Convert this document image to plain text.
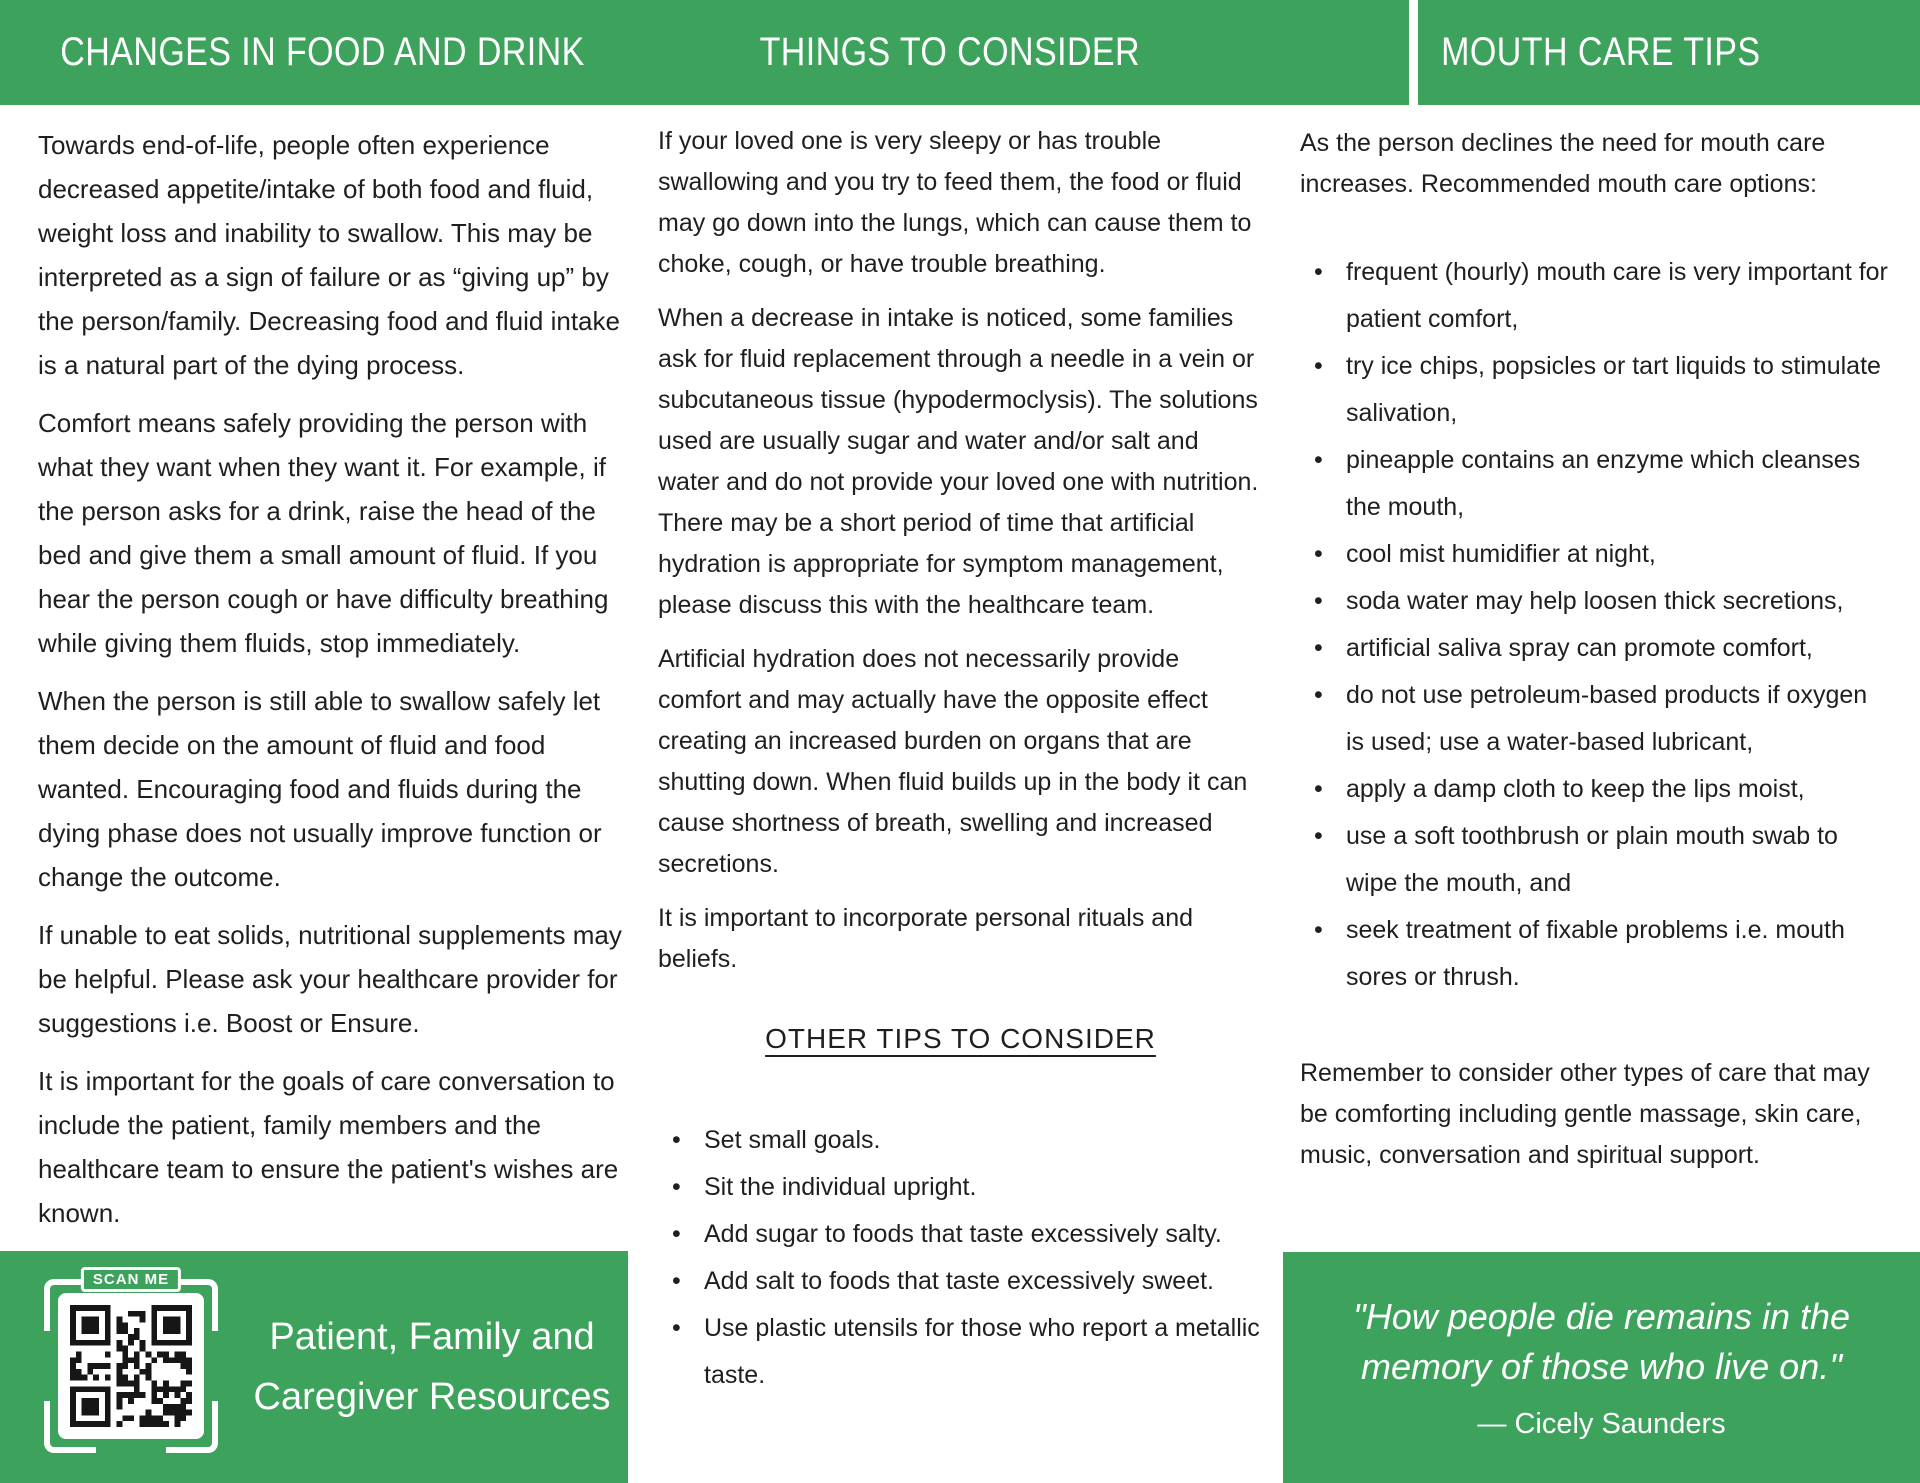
CHANGES IN FOOD AND DRINK	THINGS TO CONSIDER	MOUTH CARE TIPS

Towards end-of-life, people often experience decreased appetite/intake of both food and fluid, weight loss and inability to swallow. This may be interpreted as a sign of failure or as “giving up” by the person/family. Decreasing food and fluid intake is a natural part of the dying process.

Comfort means safely providing the person with what they want when they want it. For example, if the person asks for a drink, raise the head of the bed and give them a small amount of fluid. If you hear the person cough or have difficulty breathing while giving them fluids, stop immediately.

When the person is still able to swallow safely let them decide on the amount of fluid and food wanted. Encouraging food and fluids during the dying phase does not usually improve function or change the outcome.

If unable to eat solids, nutritional supplements may be helpful. Please ask your healthcare provider for suggestions i.e. Boost or Ensure.

It is important for the goals of care conversation to include the patient, family members and the healthcare team to ensure the patient's wishes are known.

If your loved one is very sleepy or has trouble swallowing and you try to feed them, the food or fluid may go down into the lungs, which can cause them to choke, cough, or have trouble breathing.

When a decrease in intake is noticed, some families ask for fluid replacement through a needle in a vein or subcutaneous tissue (hypodermoclysis). The solutions used are usually sugar and water and/or salt and water and do not provide your loved one with nutrition. There may be a short period of time that artificial hydration is appropriate for symptom management, please discuss this with the healthcare team.

Artificial hydration does not necessarily provide comfort and may actually have the opposite effect creating an increased burden on organs that are shutting down. When fluid builds up in the body it can cause shortness of breath, swelling and increased secretions.

It is important to incorporate personal rituals and beliefs.

OTHER TIPS TO CONSIDER
• Set small goals.
• Sit the individual upright.
• Add sugar to foods that taste excessively salty.
• Add salt to foods that taste excessively sweet.
• Use plastic utensils for those who report a metallic taste.

As the person declines the need for mouth care increases. Recommended mouth care options:

• frequent (hourly) mouth care is very important for patient comfort,
• try ice chips, popsicles or tart liquids to stimulate salivation,
• pineapple contains an enzyme which cleanses the mouth,
• cool mist humidifier at night,
• soda water may help loosen thick secretions,
• artificial saliva spray can promote comfort,
• do not use petroleum-based products if oxygen is used; use a water-based lubricant,
• apply a damp cloth to keep the lips moist,
• use a soft toothbrush or plain mouth swab to wipe the mouth, and
• seek treatment of fixable problems i.e. mouth sores or thrush.

Remember to consider other types of care that may be comforting including gentle massage, skin care, music, conversation and spiritual support.

SCAN ME
Patient, Family and Caregiver Resources
"How people die remains in the memory of those who live on."
— Cicely Saunders
